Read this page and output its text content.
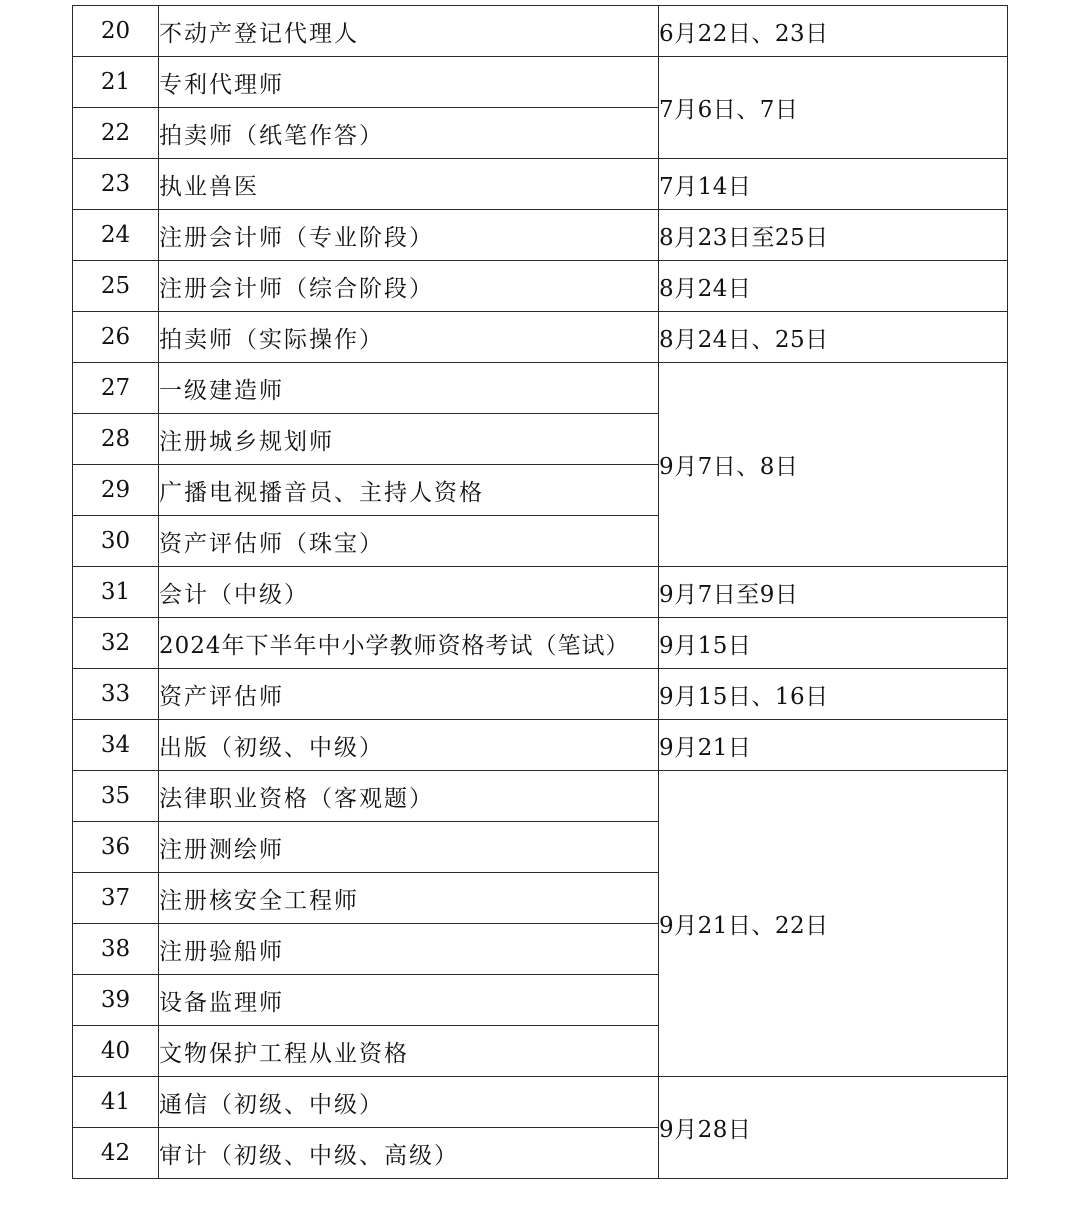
20	不动产登记代理人	6月22日、23日
21	专利代理师	7月6日、7日
22	拍卖师（纸笔作答）	
23	执业兽医	7月14日
24	注册会计师（专业阶段）	8月23日至25日
25	注册会计师（综合阶段）	8月24日
26	拍卖师（实际操作）	8月24日、25日
27	一级建造师	9月7日、8日
28	注册城乡规划师	
29	广播电视播音员、主持人资格	
30	资产评估师（珠宝）	
31	会计（中级）	9月7日至9日
32	2024年下半年中小学教师资格考试（笔试）	9月15日
33	资产评估师	9月15日、16日
34	出版（初级、中级）	9月21日
35	法律职业资格（客观题）	9月21日、22日
36	注册测绘师	
37	注册核安全工程师	
38	注册验船师	
39	设备监理师	
40	文物保护工程从业资格	
41	通信（初级、中级）	9月28日
42	审计（初级、中级、高级）	
